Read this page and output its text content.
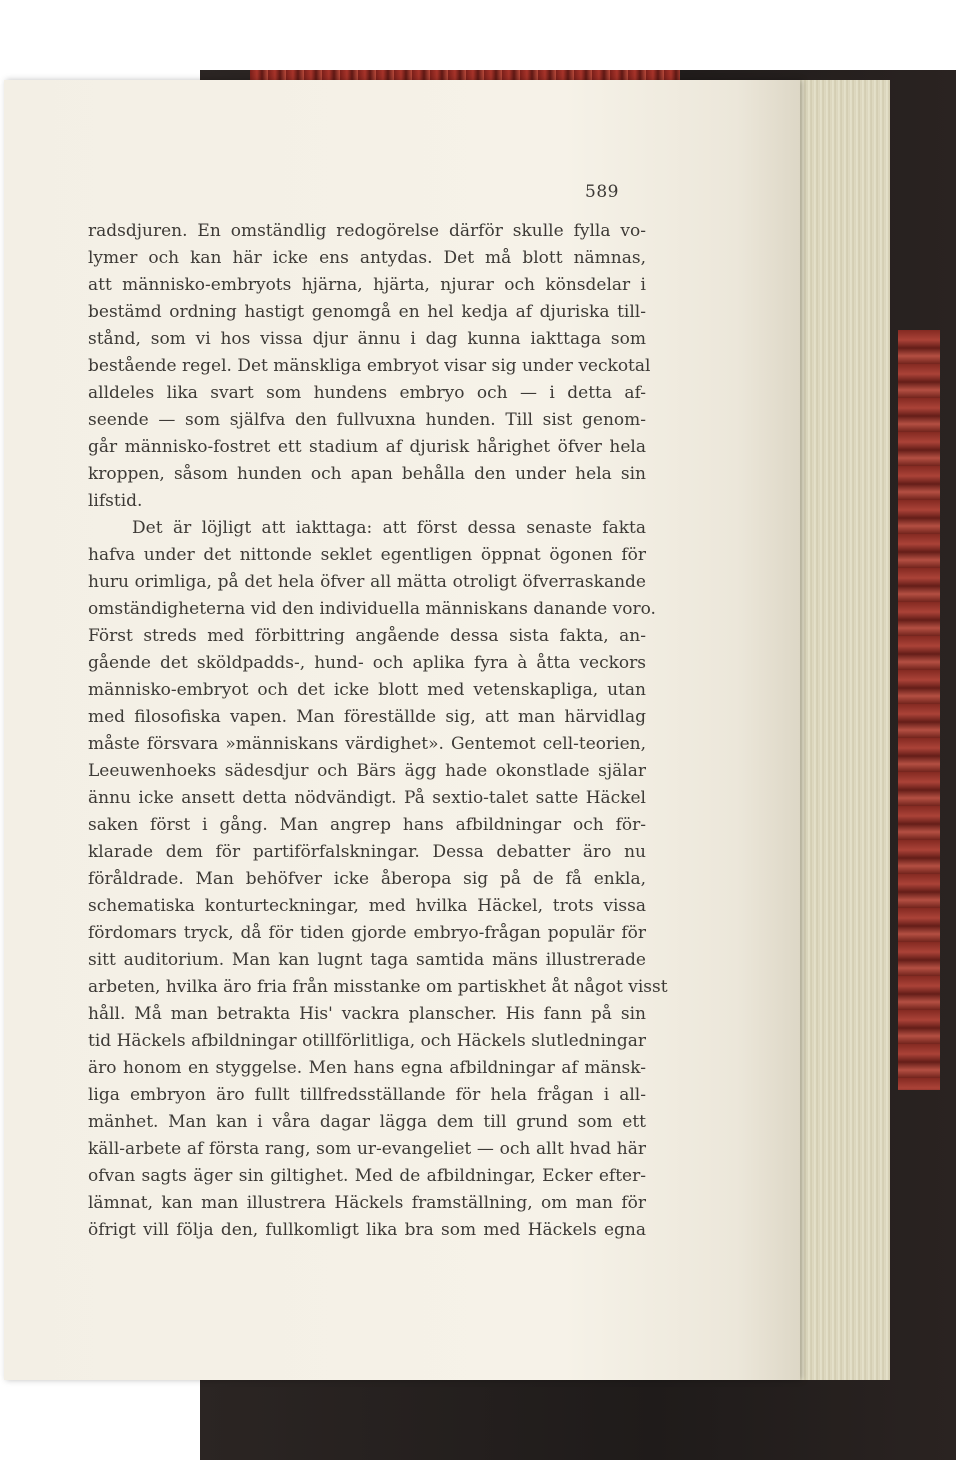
589
radsdjuren. En omständlig redogörelse därför skulle fylla vo-
lymer och kan här icke ens antydas. Det må blott nämnas,
att människo-embryots hjärna, hjärta, njurar och könsdelar i
bestämd ordning hastigt genomgå en hel kedja af djuriska till-
stånd, som vi hos vissa djur ännu i dag kunna iakttaga som
bestående regel. Det mänskliga embryot visar sig under veckotal
alldeles lika svart som hundens embryo och — i detta af-
seende — som själfva den fullvuxna hunden. Till sist genom-
går människo-fostret ett stadium af djurisk hårighet öfver hela
kroppen, såsom hunden och apan behålla den under hela sin
lifstid.
Det är löjligt att iakttaga: att först dessa senaste fakta
hafva under det nittonde seklet egentligen öppnat ögonen för
huru orimliga, på det hela öfver all mätta otroligt öfverraskande
omständigheterna vid den individuella människans danande voro.
Först streds med förbittring angående dessa sista fakta, an-
gående det sköldpadds-, hund- och aplika fyra à åtta veckors
människo-embryot och det icke blott med vetenskapliga, utan
med filosofiska vapen. Man föreställde sig, att man härvidlag
måste försvara »människans värdighet». Gentemot cell-teorien,
Leeuwenhoeks sädesdjur och Bärs ägg hade okonstlade själar
ännu icke ansett detta nödvändigt. På sextio-talet satte Häckel
saken först i gång. Man angrep hans afbildningar och för-
klarade dem för partiförfalskningar. Dessa debatter äro nu
föråldrade. Man behöfver icke åberopa sig på de få enkla,
schematiska konturteckningar, med hvilka Häckel, trots vissa
fördomars tryck, då för tiden gjorde embryo-frågan populär för
sitt auditorium. Man kan lugnt taga samtida mäns illustrerade
arbeten, hvilka äro fria från misstanke om partiskhet åt något visst
håll. Må man betrakta His' vackra planscher. His fann på sin
tid Häckels afbildningar otillförlitliga, och Häckels slutledningar
äro honom en styggelse. Men hans egna afbildningar af mänsk-
liga embryon äro fullt tillfredsställande för hela frågan i all-
mänhet. Man kan i våra dagar lägga dem till grund som ett
käll-arbete af första rang, som ur-evangeliet — och allt hvad här
ofvan sagts äger sin giltighet. Med de afbildningar, Ecker efter-
lämnat, kan man illustrera Häckels framställning, om man för
öfrigt vill följa den, fullkomligt lika bra som med Häckels egna
